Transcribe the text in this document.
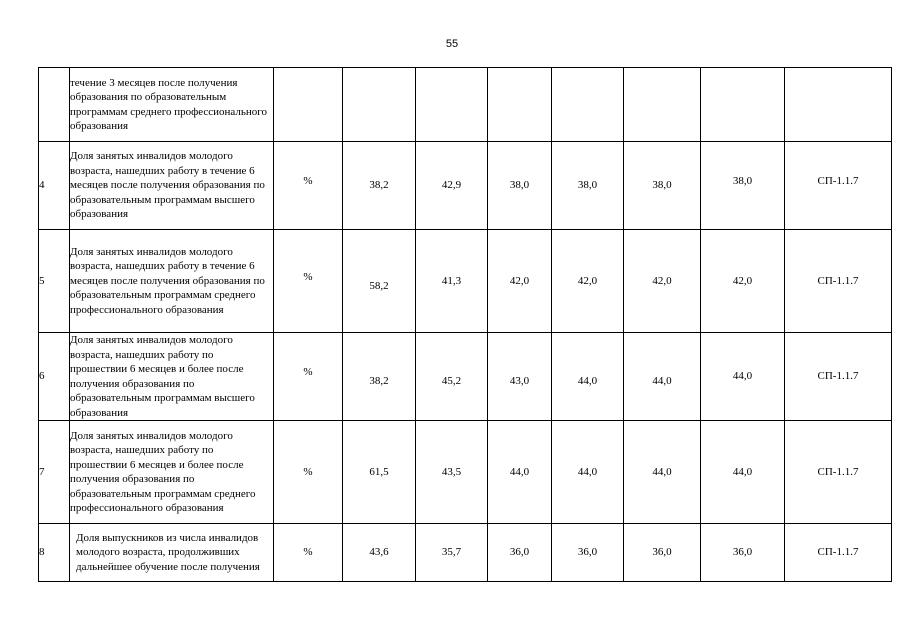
55

	течение 3 месяцев после получения образования по образовательным программам среднего профессионального образования								

4	Доля занятых инвалидов молодого возраста, нашедших работу в течение 6 месяцев после получения образования по образовательным программам высшего образования	%	38,2	42,9	38,0	38,0	38,0	38,0	СП-1.1.7
5	Доля занятых инвалидов молодого возраста, нашедших работу в течение 6 месяцев после получения образования по образовательным программам среднего профессионального образования	%	58,2	41,3	42,0	42,0	42,0	42,0	СП-1.1.7
6	Доля занятых инвалидов молодого возраста, нашедших работу по прошествии 6 месяцев и более после получения образования по образовательным программам высшего образования	%	38,2	45,2	43,0	44,0	44,0	44,0	СП-1.1.7
7	Доля занятых инвалидов молодого возраста, нашедших работу по прошествии 6 месяцев и более после получения образования по образовательным программам среднего профессионального образования	%	61,5	43,5	44,0	44,0	44,0	44,0	СП-1.1.7
8	Доля выпускников из числа инвалидов молодого возраста, продолживших дальнейшее обучение после получения	%	43,6	35,7	36,0	36,0	36,0	36,0	СП-1.1.7
